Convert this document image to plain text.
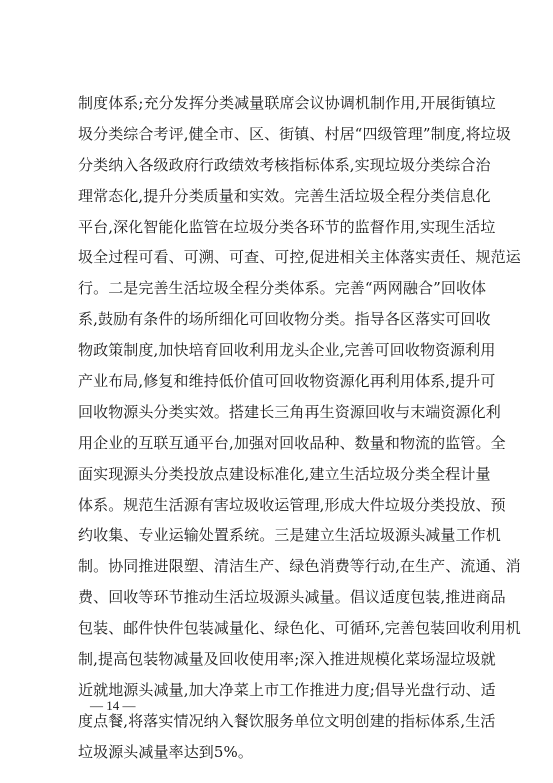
制度体系;充分发挥分类减量联席会议协调机制作用,开展街镇垃
圾分类综合考评,健全市、区、街镇、村居“四级管理”制度,将垃圾
分类纳入各级政府行政绩效考核指标体系,实现垃圾分类综合治
理常态化,提升分类质量和实效。完善生活垃圾全程分类信息化
平台,深化智能化监管在垃圾分类各环节的监督作用,实现生活垃
圾全过程可看、可溯、可查、可控,促进相关主体落实责任、规范运
行。二是完善生活垃圾全程分类体系。完善“两网融合”回收体
系,鼓励有条件的场所细化可回收物分类。指导各区落实可回收
物政策制度,加快培育回收利用龙头企业,完善可回收物资源利用
产业布局,修复和维持低价值可回收物资源化再利用体系,提升可
回收物源头分类实效。搭建长三角再生资源回收与末端资源化利
用企业的互联互通平台,加强对回收品种、数量和物流的监管。全
面实现源头分类投放点建设标准化,建立生活垃圾分类全程计量
体系。规范生活源有害垃圾收运管理,形成大件垃圾分类投放、预
约收集、专业运输处置系统。三是建立生活垃圾源头减量工作机
制。协同推进限塑、清洁生产、绿色消费等行动,在生产、流通、消
费、回收等环节推动生活垃圾源头减量。倡议适度包装,推进商品
包装、邮件快件包装减量化、绿色化、可循环,完善包装回收利用机
制,提高包装物减量及回收使用率;深入推进规模化菜场湿垃圾就
近就地源头减量,加大净菜上市工作推进力度;倡导光盘行动、适
度点餐,将落实情况纳入餐饮服务单位文明创建的指标体系,生活
垃圾源头减量率达到5%。
— 14 —
